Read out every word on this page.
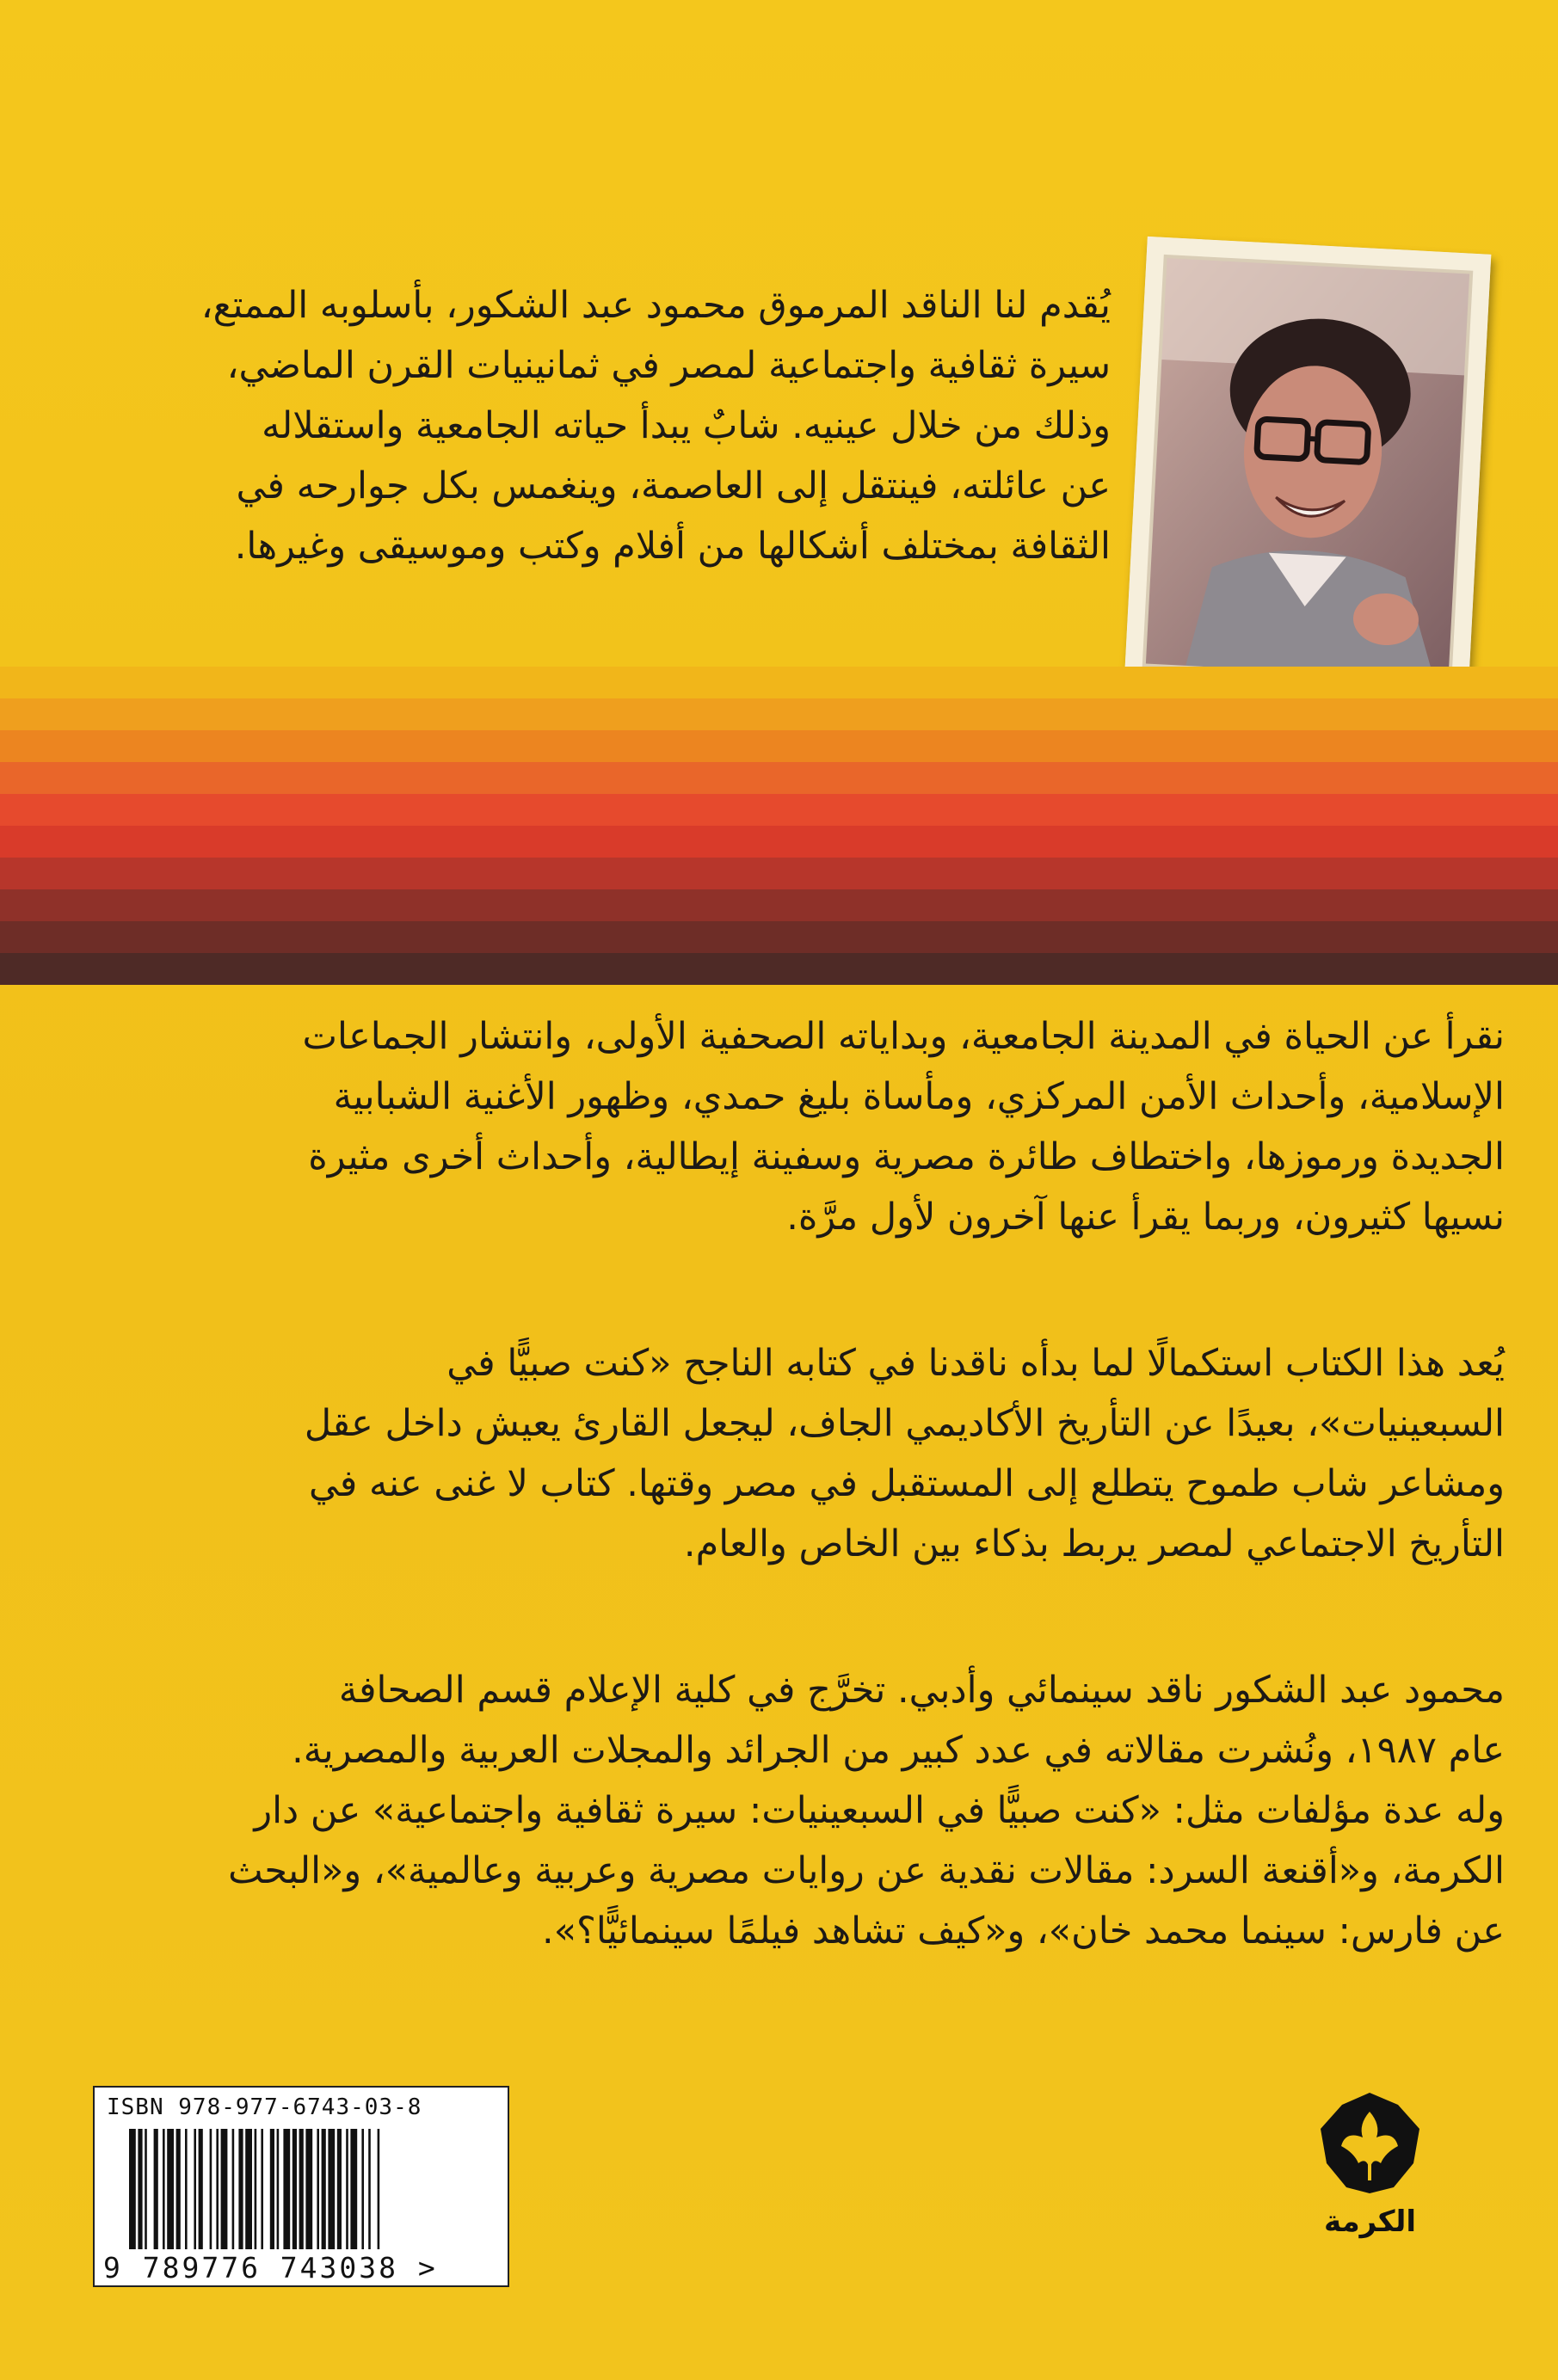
يُقدم لنا الناقد المرموق محمود عبد الشكور، بأسلوبه الممتع،
سيرة ثقافية واجتماعية لمصر في ثمانينيات القرن الماضي،
وذلك من خلال عينيه. شابٌ يبدأ حياته الجامعية واستقلاله
عن عائلته، فينتقل إلى العاصمة، وينغمس بكل جوارحه في
الثقافة بمختلف أشكالها من أفلام وكتب وموسيقى وغيرها.
نقرأ عن الحياة في المدينة الجامعية، وبداياته الصحفية الأولى، وانتشار الجماعات
الإسلامية، وأحداث الأمن المركزي، ومأساة بليغ حمدي، وظهور الأغنية الشبابية
الجديدة ورموزها، واختطاف طائرة مصرية وسفينة إيطالية، وأحداث أخرى مثيرة
نسيها كثيرون، وربما يقرأ عنها آخرون لأول مرَّة.
يُعد هذا الكتاب استكمالًا لما بدأه ناقدنا في كتابه الناجح «كنت صبيًّا في
السبعينيات»، بعيدًا عن التأريخ الأكاديمي الجاف، ليجعل القارئ يعيش داخل عقل
ومشاعر شاب طموح يتطلع إلى المستقبل في مصر وقتها. كتاب لا غنى عنه في
التأريخ الاجتماعي لمصر يربط بذكاء بين الخاص والعام.
محمود عبد الشكور ناقد سينمائي وأدبي. تخرَّج في كلية الإعلام قسم الصحافة
عام ١٩٨٧، ونُشرت مقالاته في عدد كبير من الجرائد والمجلات العربية والمصرية.
وله عدة مؤلفات مثل: «كنت صبيًّا في السبعينيات: سيرة ثقافية واجتماعية» عن دار
الكرمة، و«أقنعة السرد: مقالات نقدية عن روايات مصرية وعربية وعالمية»، و«البحث
عن فارس: سينما محمد خان»، و«كيف تشاهد فيلمًا سينمائيًّا؟».
ISBN 978-977-6743-03-8
9 789776 743038 >
الكرمة
